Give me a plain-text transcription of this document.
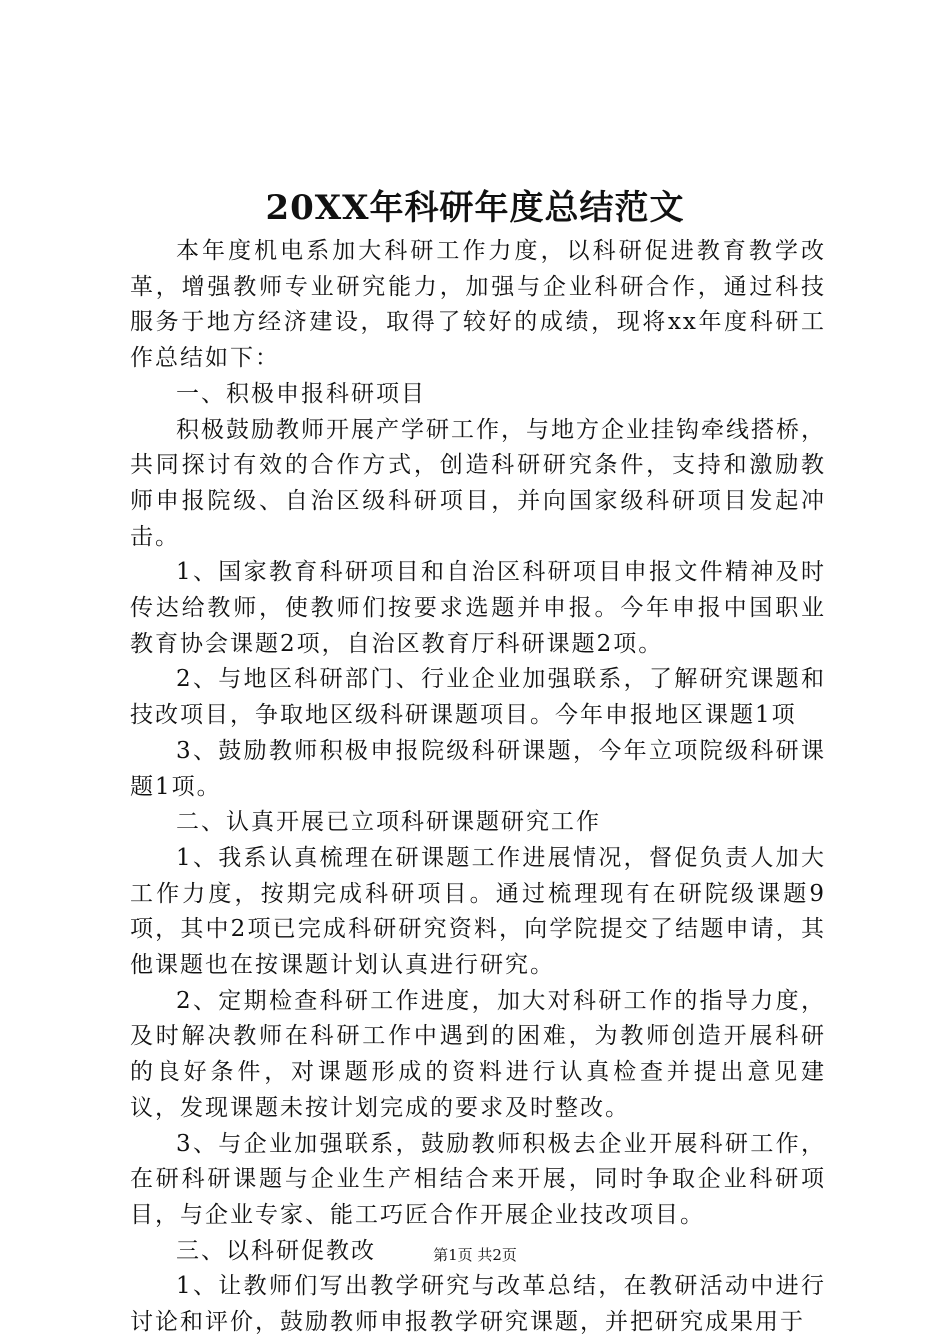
20XX年科研年度总结范文

本年度机电系加大科研工作力度，以科研促进教育教学改革，增强教师专业研究能力，加强与企业科研合作，通过科技服务于地方经济建设，取得了较好的成绩，现将xx年度科研工作总结如下：

一、积极申报科研项目

积极鼓励教师开展产学研工作，与地方企业挂钩牵线搭桥，共同探讨有效的合作方式，创造科研研究条件，支持和激励教师申报院级、自治区级科研项目，并向国家级科研项目发起冲击。

1、国家教育科研项目和自治区科研项目申报文件精神及时传达给教师，使教师们按要求选题并申报。今年申报中国职业教育协会课题2项，自治区教育厅科研课题2项。

2、与地区科研部门、行业企业加强联系，了解研究课题和技改项目，争取地区级科研课题项目。今年申报地区课题1项

3、鼓励教师积极申报院级科研课题，今年立项院级科研课题1项。

二、认真开展已立项科研课题研究工作

1、我系认真梳理在研课题工作进展情况，督促负责人加大工作力度，按期完成科研项目。通过梳理现有在研院级课题9项，其中2项已完成科研研究资料，向学院提交了结题申请，其他课题也在按课题计划认真进行研究。

2、定期检查科研工作进度，加大对科研工作的指导力度，及时解决教师在科研工作中遇到的困难，为教师创造开展科研的良好条件，对课题形成的资料进行认真检查并提出意见建议，发现课题未按计划完成的要求及时整改。

3、与企业加强联系，鼓励教师积极去企业开展科研工作，在研科研课题与企业生产相结合来开展，同时争取企业科研项目，与企业专家、能工巧匠合作开展企业技改项目。

三、以科研促教改

1、让教师们写出教学研究与改革总结，在教研活动中进行讨论和评价，鼓励教师申报教学研究课题，并把研究成果用于

第1页 共2页
